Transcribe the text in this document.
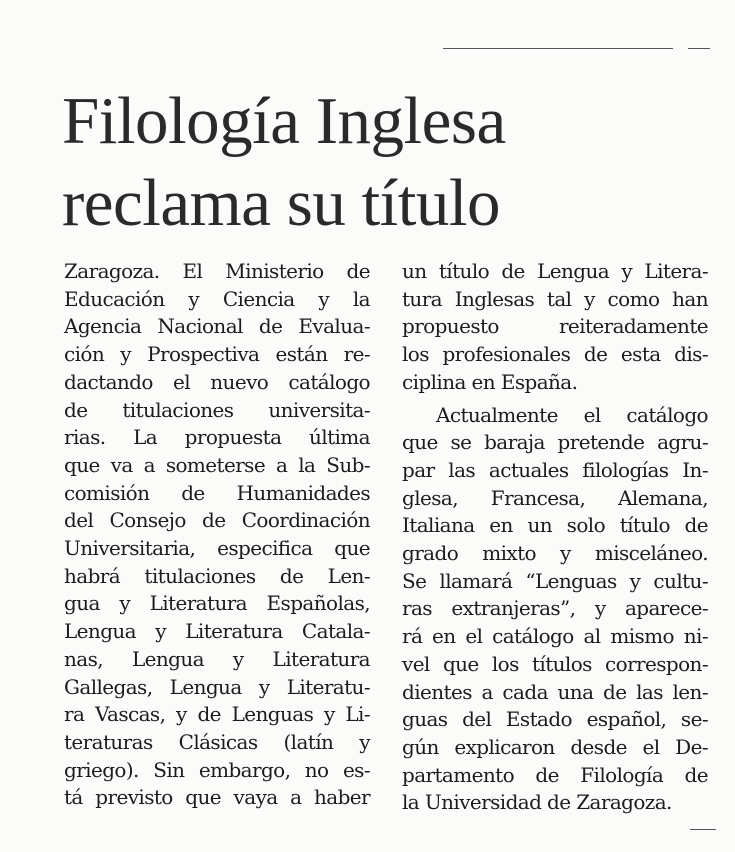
Filología Inglesa
reclama su título
Zaragoza. El Ministerio de
Educación y Ciencia y la
Agencia Nacional de Evalua-
ción y Prospectiva están re-
dactando el nuevo catálogo
de titulaciones universita-
rias. La propuesta última
que va a someterse a la Sub-
comisión de Humanidades
del Consejo de Coordinación
Universitaria, especifica que
habrá titulaciones de Len-
gua y Literatura Españolas,
Lengua y Literatura Catala-
nas, Lengua y Literatura
Gallegas, Lengua y Literatu-
ra Vascas, y de Lenguas y Li-
teraturas Clásicas (latín y
griego). Sin embargo, no es-
tá previsto que vaya a haber
un título de Lengua y Litera-
tura Inglesas tal y como han
propuesto reiteradamente
los profesionales de esta dis-
ciplina en España.
Actualmente el catálogo
que se baraja pretende agru-
par las actuales filologías In-
glesa, Francesa, Alemana,
Italiana en un solo título de
grado mixto y misceláneo.
Se llamará “Lenguas y cultu-
ras extranjeras”, y aparece-
rá en el catálogo al mismo ni-
vel que los títulos correspon-
dientes a cada una de las len-
guas del Estado español, se-
gún explicaron desde el De-
partamento de Filología de
la Universidad de Zaragoza.
